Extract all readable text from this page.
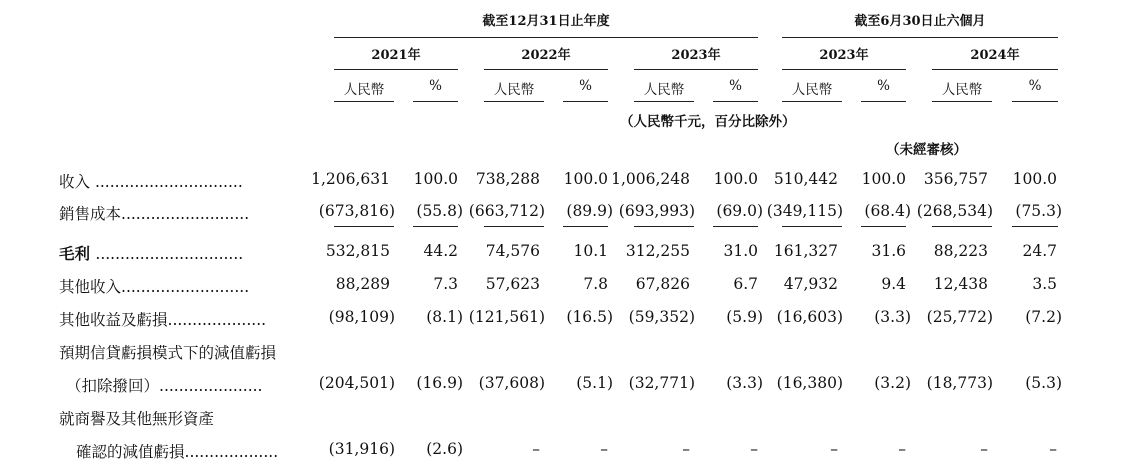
截至12月31日止年度	截至6月30日止六個月
2021年	2022年	2023年	2023年	2024年
人民幣	%	人民幣	%	人民幣	%	人民幣	%	人民幣	%
（人民幣千元，百分比除外）
（未經審核）
收入 ..............................	1,206,631	100.0	738,288	100.0 1,006,248	100.0	510,442	100.0	356,757	100.0
銷售成本..........................	(673,816)	(55.8) (663,712)	(89.9) (693,993)	(69.0) (349,115)	(68.4) (268,534)	(75.3)
毛利 ..............................	532,815	44.2	74,576	10.1	312,255	31.0	161,327	31.6	88,223	24.7
其他收入..........................	88,289	7.3	57,623	7.8	67,826	6.7	47,932	9.4	12,438	3.5
其他收益及虧損....................	(98,109)	(8.1) (121,561)	(16.5)	(59,352)	(5.9) (16,603)	(3.3)	(25,772)	(7.2)
預期信貸虧損模式下的減值虧損
（扣除撥回）.....................	(204,501)	(16.9)	(37,608)	(5.1)	(32,771)	(3.3) (16,380)	(3.2)	(18,773)	(5.3)
就商譽及其他無形資產
確認的減值虧損...................	(31,916)	(2.6)	–	–	–	–	–	–	–	–
